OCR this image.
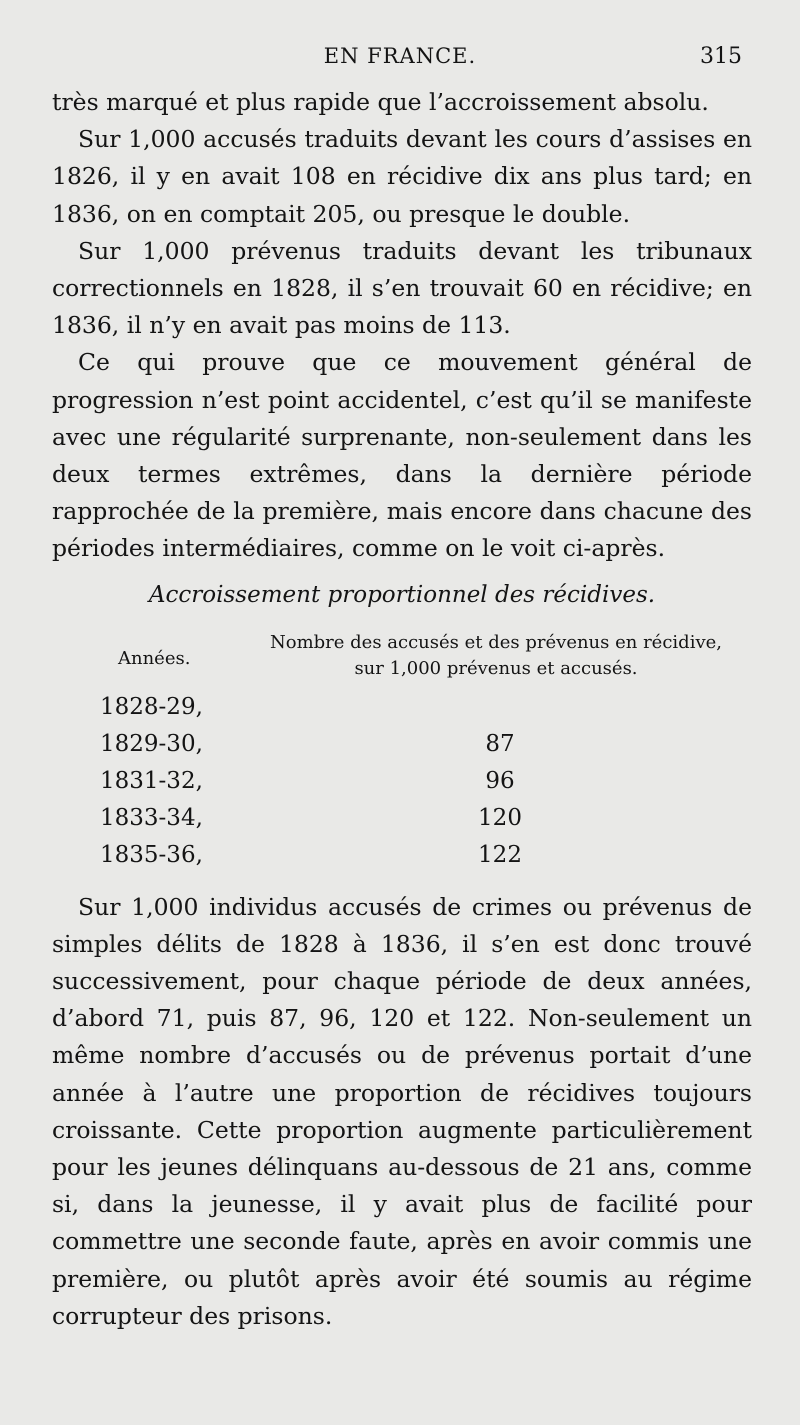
EN FRANCE.	315

très marqué et plus rapide que l’accroissement absolu.

Sur 1,000 accusés traduits devant les cours d’assises en 1826, il y en avait 108 en récidive dix ans plus tard; en 1836, on en comptait 205, ou presque le double.

Sur 1,000 prévenus traduits devant les tribunaux correctionnels en 1828, il s’en trouvait 60 en récidive; en 1836, il n’y en avait pas moins de 113.

Ce qui prouve que ce mouvement général de progression n’est point accidentel, c’est qu’il se manifeste avec une régularité surprenante, non-seulement dans les deux termes extrêmes, dans la dernière période rapprochée de la première, mais encore dans chacune des périodes intermédiaires, comme on le voit ci-après.

Accroissement proportionnel des récidives.
Années.
Nombre des accusés et des prévenus en récidive,
sur 1,000 prévenus et accusés.
1828-29,
1829-30,	87
1831-32,	96
1833-34,	120
1835-36,	122

Sur 1,000 individus accusés de crimes ou prévenus de simples délits de 1828 à 1836, il s’en est donc trouvé successivement, pour chaque période de deux années, d’abord 71, puis 87, 96, 120 et 122. Non-seulement un même nombre d’accusés ou de prévenus portait d’une année à l’autre une proportion de récidives toujours croissante. Cette proportion augmente particulièrement pour les jeunes délinquans au-dessous de 21 ans, comme si, dans la jeunesse, il y avait plus de facilité pour commettre une seconde faute, après en avoir commis une première, ou plutôt après avoir été soumis au régime corrupteur des prisons.
